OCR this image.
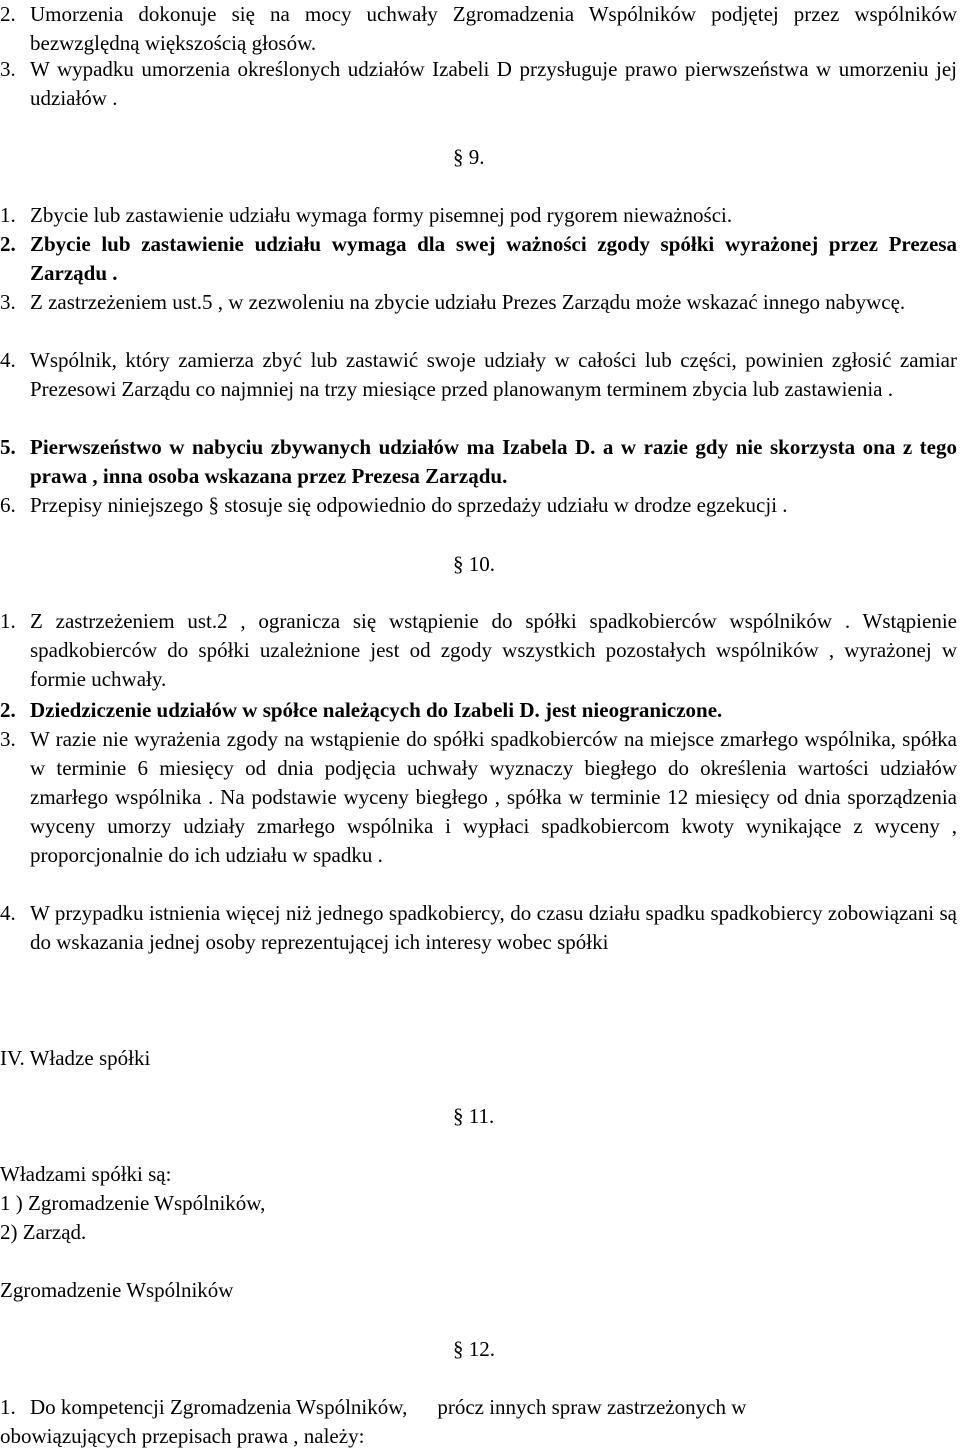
2. Umorzenia dokonuje się na mocy uchwały Zgromadzenia Wspólników podjętej przez wspólników bezwzględną większością głosów.
3. W wypadku umorzenia określonych udziałów Izabeli D przysługuje prawo pierwszeństwa w umorzeniu jej udziałów .
§ 9.
1. Zbycie lub zastawienie udziału wymaga formy pisemnej pod rygorem nieważności.
2. Zbycie lub zastawienie udziału wymaga dla swej ważności zgody spółki wyrażonej przez Prezesa Zarządu .
3. Z zastrzeżeniem ust.5 , w zezwoleniu na zbycie udziału Prezes Zarządu może wskazać innego nabywcę.
4. Wspólnik, który zamierza zbyć lub zastawić swoje udziały w całości lub części, powinien zgłosić zamiar Prezesowi Zarządu co najmniej na trzy miesiące przed planowanym terminem zbycia lub zastawienia .
5. Pierwszeństwo w nabyciu zbywanych udziałów ma Izabela D. a w razie gdy nie skorzysta ona z tego prawa , inna osoba wskazana przez Prezesa Zarządu.
6. Przepisy niniejszego § stosuje się odpowiednio do sprzedaży udziału w drodze egzekucji .
§ 10.
1. Z zastrzeżeniem ust.2 , ogranicza się wstąpienie do spółki spadkobierców wspólników . Wstąpienie spadkobierców do spółki uzależnione jest od zgody wszystkich pozostałych wspólników , wyrażonej w formie uchwały.
2. Dziedziczenie udziałów w spółce należących do Izabeli D. jest nieograniczone.
3. W razie nie wyrażenia zgody na wstąpienie do spółki spadkobierców na miejsce zmarłego wspólnika, spółka w terminie 6 miesięcy od dnia podjęcia uchwały wyznaczy biegłego do określenia wartości udziałów zmarłego wspólnika . Na podstawie wyceny biegłego , spółka w terminie 12 miesięcy od dnia sporządzenia wyceny umorzy udziały zmarłego wspólnika i wypłaci spadkobiercom kwoty wynikające z wyceny , proporcjonalnie do ich udziału w spadku .
4. W przypadku istnienia więcej niż jednego spadkobiercy, do czasu działu spadku spadkobiercy zobowiązani są do wskazania jednej osoby reprezentującej ich interesy wobec spółki
IV. Władze spółki
§ 11.
Władzami spółki są:
1 ) Zgromadzenie Wspólników,
2) Zarząd.
Zgromadzenie Wspólników
§ 12.
1. Do kompetencji Zgromadzenia Wspólników, prócz innych spraw zastrzeżonych w
obowiązujących przepisach prawa , należy:
